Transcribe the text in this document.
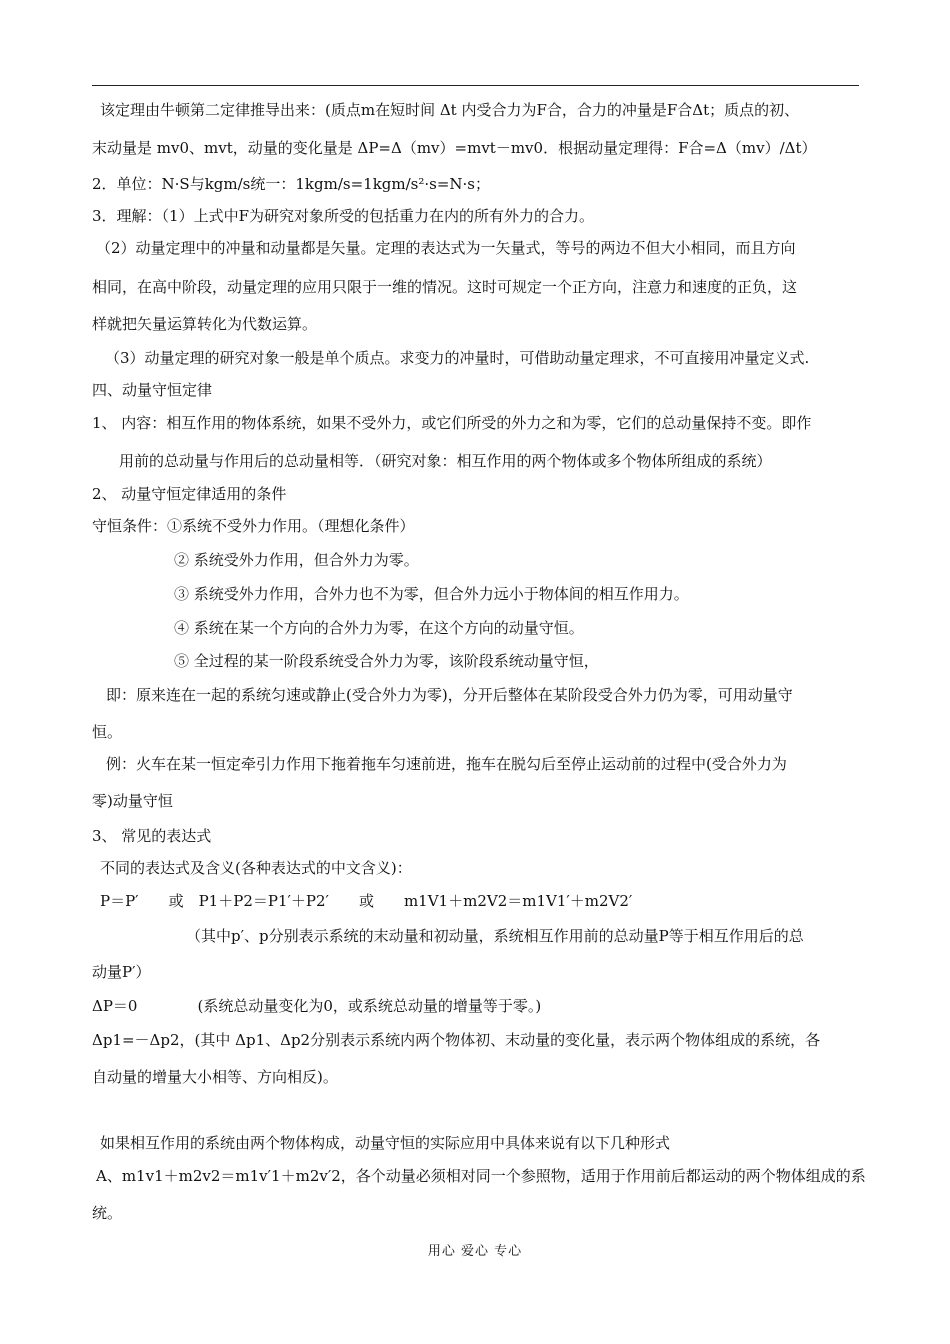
该定理由牛顿第二定律推导出来：(质点m在短时间 Δt 内受合力为F合，合力的冲量是F合Δt；质点的初、
末动量是 mv0、mvt，动量的变化量是 ΔP=Δ（mv）=mvt－mv0．根据动量定理得：F合=Δ（mv）/Δt）
2．单位：N·S与kgm/s统一：1kgm/s=1kgm/s²·s=N·s；
3．理解：（1）上式中F为研究对象所受的包括重力在内的所有外力的合力。
（2）动量定理中的冲量和动量都是矢量。定理的表达式为一矢量式，等号的两边不但大小相同，而且方向
相同，在高中阶段，动量定理的应用只限于一维的情况。这时可规定一个正方向，注意力和速度的正负，这
样就把矢量运算转化为代数运算。
（3）动量定理的研究对象一般是单个质点。求变力的冲量时，可借助动量定理求，不可直接用冲量定义式.
四、动量守恒定律
1、 内容：相互作用的物体系统，如果不受外力，或它们所受的外力之和为零，它们的总动量保持不变。即作
用前的总动量与作用后的总动量相等．（研究对象：相互作用的两个物体或多个物体所组成的系统）
2、 动量守恒定律适用的条件
守恒条件：①系统不受外力作用。（理想化条件）
② 系统受外力作用，但合外力为零。
③ 系统受外力作用，合外力也不为零，但合外力远小于物体间的相互作用力。
④ 系统在某一个方向的合外力为零，在这个方向的动量守恒。
⑤ 全过程的某一阶段系统受合外力为零，该阶段系统动量守恒，
即：原来连在一起的系统匀速或静止(受合外力为零)，分开后整体在某阶段受合外力仍为零，可用动量守
恒。
例：火车在某一恒定牵引力作用下拖着拖车匀速前进，拖车在脱勾后至停止运动前的过程中(受合外力为
零)动量守恒
3、 常见的表达式
不同的表达式及含义(各种表达式的中文含义)：
P＝P′　　或　P1＋P2＝P1′＋P2′　　或　　m1V1＋m2V2＝m1V1′＋m2V2′
（其中p′、p分别表示系统的末动量和初动量，系统相互作用前的总动量P等于相互作用后的总
动量P′）
ΔP＝0　　　　(系统总动量变化为0，或系统总动量的增量等于零。)
Δp1=－Δp2，(其中 Δp1、Δp2分别表示系统内两个物体初、末动量的变化量，表示两个物体组成的系统，各
自动量的增量大小相等、方向相反)。
如果相互作用的系统由两个物体构成，动量守恒的实际应用中具体来说有以下几种形式
A、m1v1＋m2v2＝m1v′1＋m2v′2，各个动量必须相对同一个参照物，适用于作用前后都运动的两个物体组成的系
统。
用心 爱心 专心
